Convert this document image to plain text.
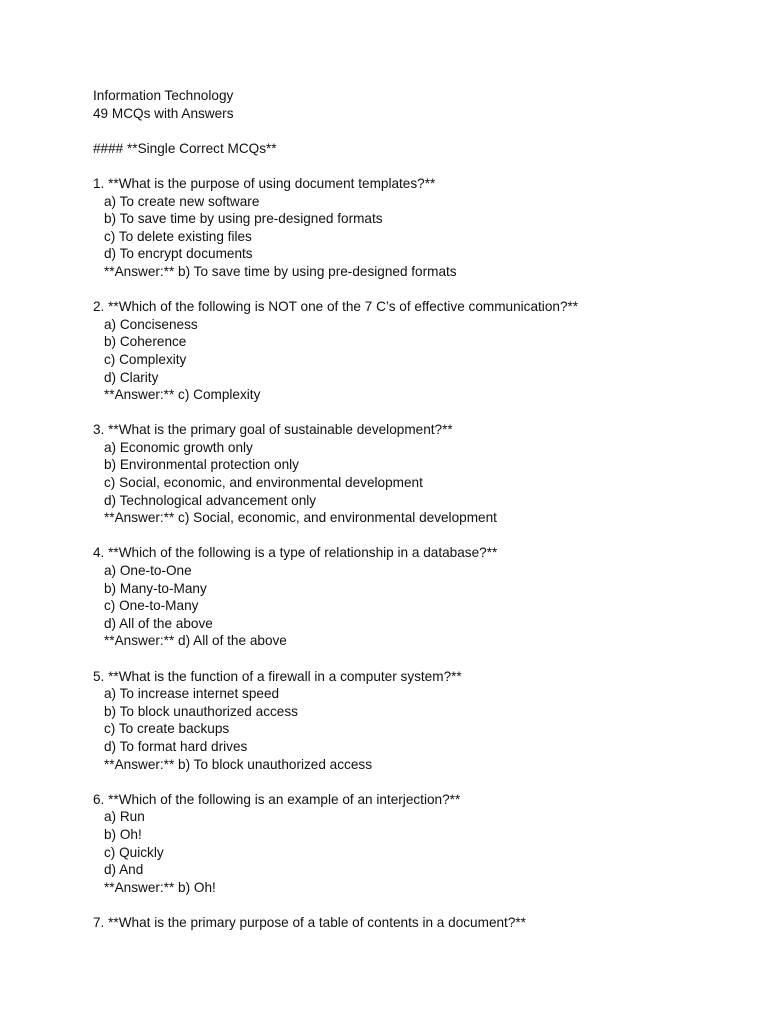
Information Technology
49 MCQs with Answers
#### **Single Correct MCQs**
1. **What is the purpose of using document templates?**
a) To create new software
b) To save time by using pre-designed formats
c) To delete existing files
d) To encrypt documents
**Answer:** b) To save time by using pre-designed formats
2. **Which of the following is NOT one of the 7 C’s of effective communication?**
a) Conciseness
b) Coherence
c) Complexity
d) Clarity
**Answer:** c) Complexity
3. **What is the primary goal of sustainable development?**
a) Economic growth only
b) Environmental protection only
c) Social, economic, and environmental development
d) Technological advancement only
**Answer:** c) Social, economic, and environmental development
4. **Which of the following is a type of relationship in a database?**
a) One-to-One
b) Many-to-Many
c) One-to-Many
d) All of the above
**Answer:** d) All of the above
5. **What is the function of a firewall in a computer system?**
a) To increase internet speed
b) To block unauthorized access
c) To create backups
d) To format hard drives
**Answer:** b) To block unauthorized access
6. **Which of the following is an example of an interjection?**
a) Run
b) Oh!
c) Quickly
d) And
**Answer:** b) Oh!
7. **What is the primary purpose of a table of contents in a document?**
